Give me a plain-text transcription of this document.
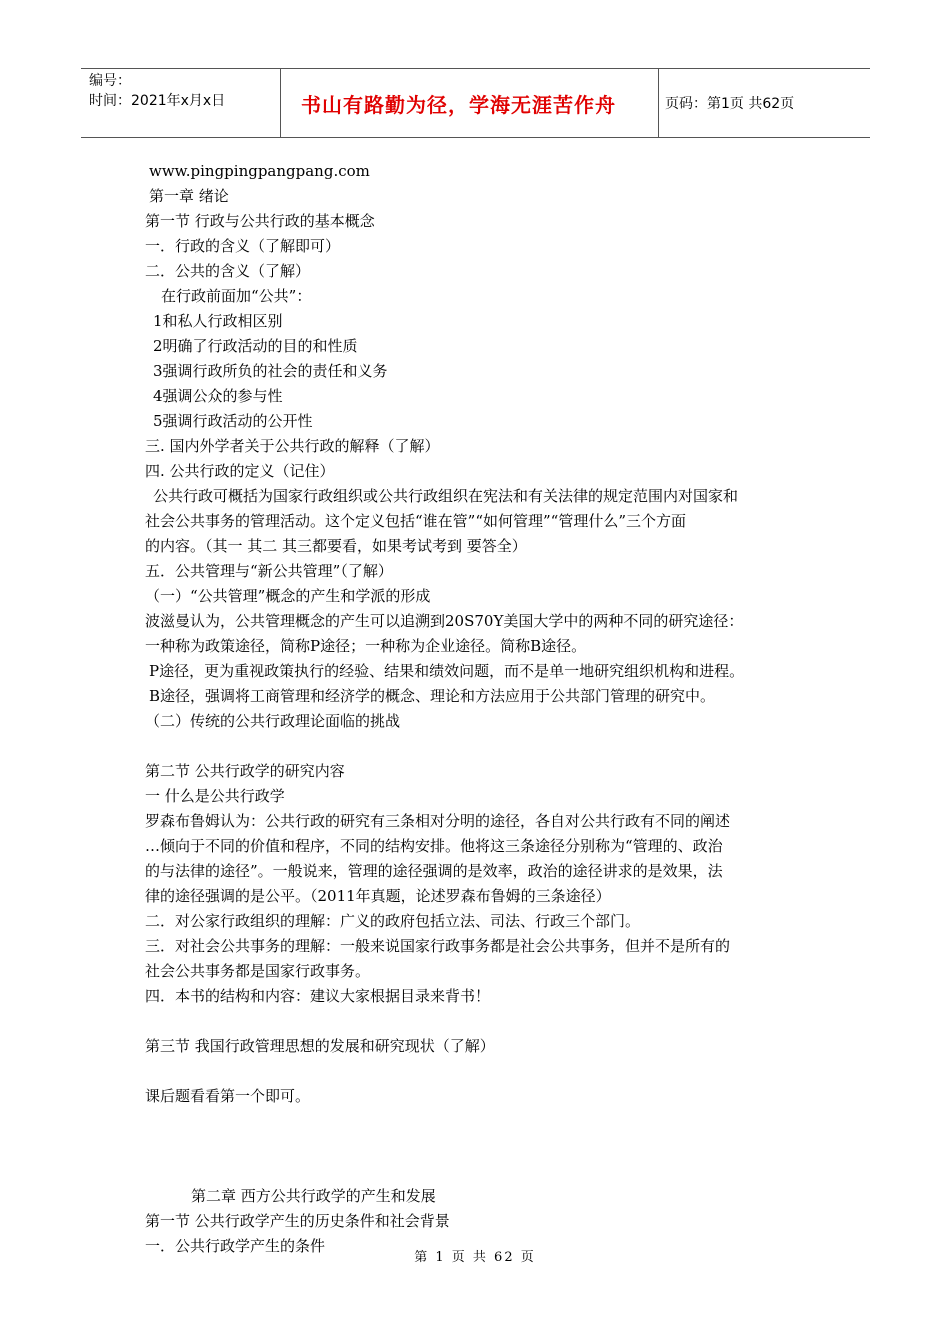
编号：
时间：2021年x月x日	书山有路勤为径，学海无涯苦作舟	页码：第1页 共62页
www.pingpingpangpang.com
第一章 绪论
第一节 行政与公共行政的基本概念
一．行政的含义（了解即可）
二．公共的含义（了解）
在行政前面加“公共”：
1和私人行政相区别
2明确了行政活动的目的和性质
3强调行政所负的社会的责任和义务
4强调公众的参与性
5强调行政活动的公开性
三. 国内外学者关于公共行政的解释（了解）
四. 公共行政的定义（记住）
公共行政可概括为国家行政组织或公共行政组织在宪法和有关法律的规定范围内对国家和
社会公共事务的管理活动。这个定义包括“谁在管”“如何管理”“管理什么”三个方面
的内容。（其一 其二 其三都要看，如果考试考到 要答全）
五．公共管理与“新公共管理”（了解）
（一）“公共管理”概念的产生和学派的形成
波滋曼认为，公共管理概念的产生可以追溯到20S70Y美国大学中的两种不同的研究途径：
一种称为政策途径，简称P途径；一种称为企业途径。简称B途径。
P途径，更为重视政策执行的经验、结果和绩效问题，而不是单一地研究组织机构和进程。
B途径，强调将工商管理和经济学的概念、理论和方法应用于公共部门管理的研究中。
（二）传统的公共行政理论面临的挑战
第二节 公共行政学的研究内容
一 什么是公共行政学
罗森布鲁姆认为：公共行政的研究有三条相对分明的途径，各自对公共行政有不同的阐述
…倾向于不同的价值和程序，不同的结构安排。他将这三条途径分别称为“管理的、政治
的与法律的途径”。一般说来，管理的途径强调的是效率，政治的途径讲求的是效果，法
律的途径强调的是公平。（2011年真题，论述罗森布鲁姆的三条途径）
二．对公家行政组织的理解：广义的政府包括立法、司法、行政三个部门。
三．对社会公共事务的理解：一般来说国家行政事务都是社会公共事务，但并不是所有的
社会公共事务都是国家行政事务。
四．本书的结构和内容：建议大家根据目录来背书！
第三节 我国行政管理思想的发展和研究现状（了解）
课后题看看第一个即可。
第二章 西方公共行政学的产生和发展
第一节 公共行政学产生的历史条件和社会背景
一．公共行政学产生的条件
第 1 页 共 62 页
